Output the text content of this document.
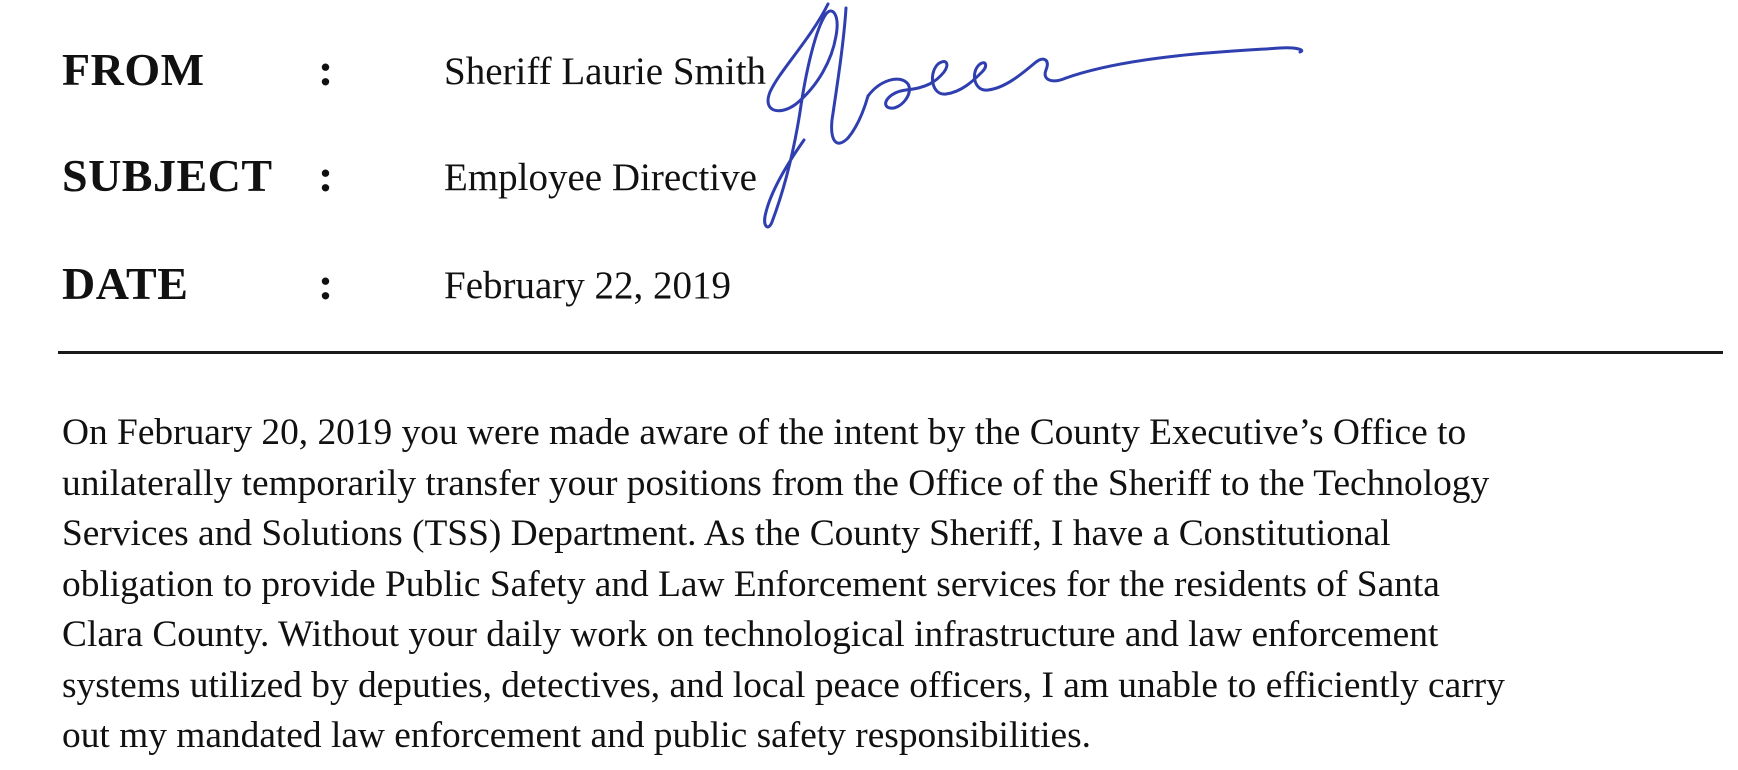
FROM :	Sheriff Laurie Smith
SUBJECT :	Employee Directive
DATE	:	February 22, 2019
On February 20, 2019 you were made aware of the intent by the County Executive’s Office to
unilaterally temporarily transfer your positions from the Office of the Sheriff to the Technology
Services and Solutions (TSS) Department. As the County Sheriff, I have a Constitutional
obligation to provide Public Safety and Law Enforcement services for the residents of Santa
Clara County. Without your daily work on technological infrastructure and law enforcement
systems utilized by deputies, detectives, and local peace officers, I am unable to efficiently carry
out my mandated law enforcement and public safety responsibilities.
